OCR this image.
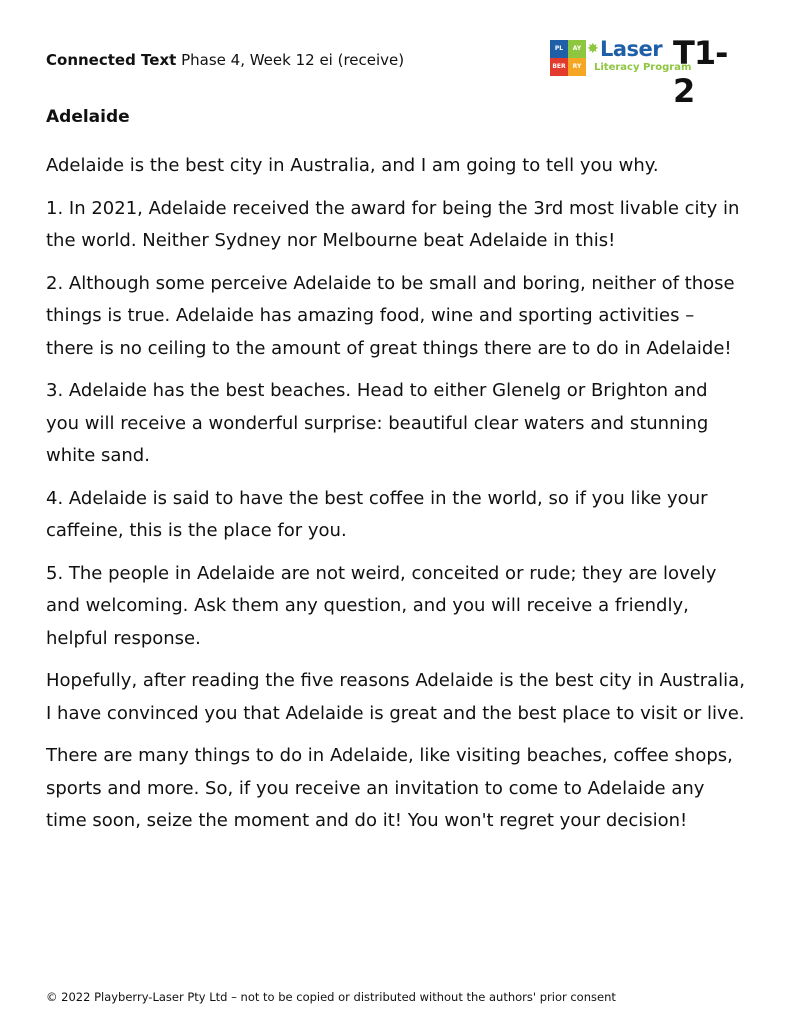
Connected Text Phase 4, Week 12 ei (receive)
PL	AY
BER	RY
✸ Laser
Literacy Program
T1-2
Adelaide

Adelaide is the best city in Australia, and I am going to tell you why.

1. In 2021, Adelaide received the award for being the 3rd most livable city in the world. Neither Sydney nor Melbourne beat Adelaide in this!

2. Although some perceive Adelaide to be small and boring, neither of those things is true. Adelaide has amazing food, wine and sporting activities – there is no ceiling to the amount of great things there are to do in Adelaide!

3. Adelaide has the best beaches. Head to either Glenelg or Brighton and you will receive a wonderful surprise: beautiful clear waters and stunning white sand.

4. Adelaide is said to have the best coffee in the world, so if you like your caffeine, this is the place for you.

5. The people in Adelaide are not weird, conceited or rude; they are lovely and welcoming. Ask them any question, and you will receive a friendly, helpful response.

Hopefully, after reading the five reasons Adelaide is the best city in Australia, I have convinced you that Adelaide is great and the best place to visit or live.

There are many things to do in Adelaide, like visiting beaches, coffee shops, sports and more. So, if you receive an invitation to come to Adelaide any time soon, seize the moment and do it! You won't regret your decision!

© 2022 Playberry-Laser Pty Ltd – not to be copied or distributed without the authors' prior consent
